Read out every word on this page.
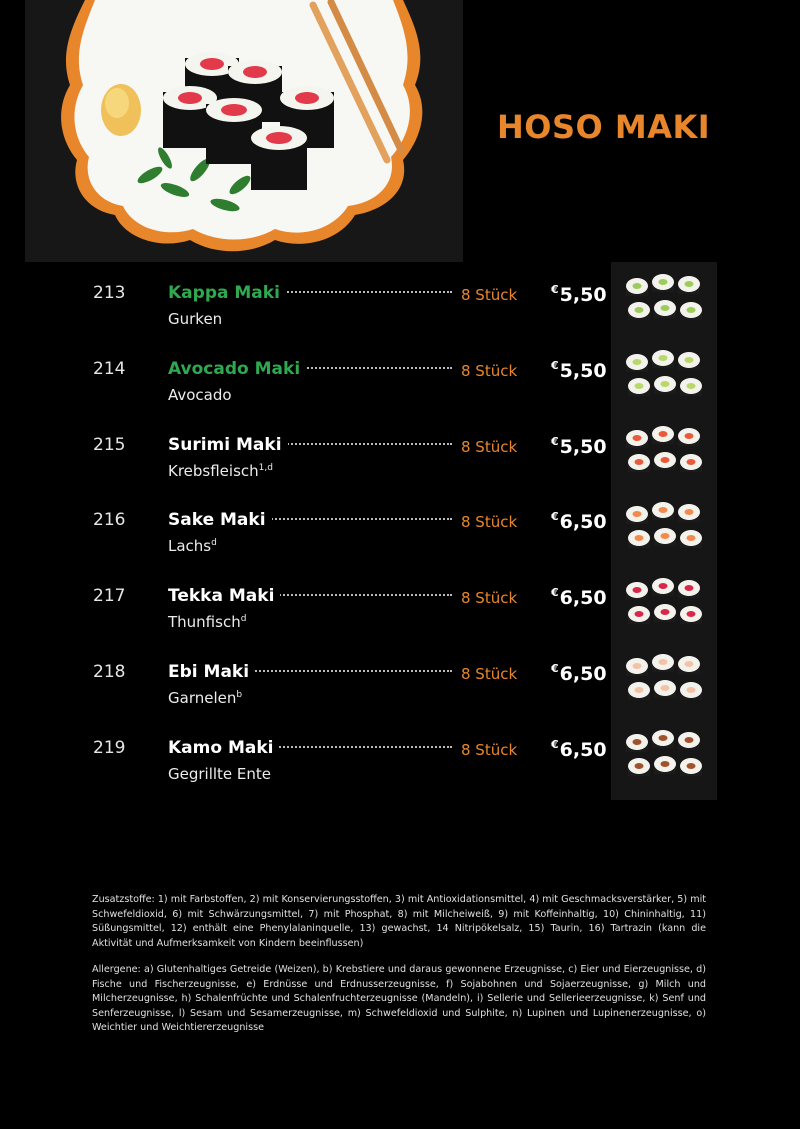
HOSO MAKI
213	Kappa Maki	8 Stück	€5,50
Gurken
214	Avocado Maki	8 Stück	€5,50
Avocado
215	Surimi Maki	8 Stück	€5,50
Krebsfleisch$^{1,d}$
216	Sake Maki	8 Stück	€6,50
Lachs$^d$
217	Tekka Maki	8 Stück	€6,50
Thunfisch$^d$
218	Ebi Maki	8 Stück	€6,50
Garnelen$^b$
219	Kamo Maki	8 Stück	€6,50
Gegrillte Ente

Zusatzstoffe: 1) mit Farbstoffen, 2) mit Konservierungsstoffen, 3) mit Antioxidationsmittel, 4) mit Geschmacksverstärker, 5) mit Schwefeldioxid, 6) mit Schwärzungsmittel, 7) mit Phosphat, 8) mit Milcheiweiß, 9) mit Koffeinhaltig, 10) Chininhaltig, 11) Süßungsmittel, 12) enthält eine Phenylalaninquelle, 13) gewachst, 14 Nitripökelsalz, 15) Taurin, 16) Tartrazin (kann die Aktivität und Aufmerksamkeit von Kindern beeinflussen)

Allergene: a) Glutenhaltiges Getreide (Weizen), b) Krebstiere und daraus gewonnene Erzeugnisse, c) Eier und Eierzeugnisse, d) Fische und Fischerzeugnisse, e) Erdnüsse und Erdnusserzeugnisse, f) Sojabohnen und Sojaerzeugnisse, g) Milch und Milcherzeugnisse, h) Schalenfrüchte und Schalenfruchterzeugnisse (Mandeln), i) Sellerie und Sellerieerzeugnisse, k) Senf und Senferzeugnisse, l) Sesam und Sesamerzeugnisse, m) Schwefeldioxid und Sulphite, n) Lupinen und Lupinenerzeugnisse, o) Weichtier und Weichtiererzeugnisse
